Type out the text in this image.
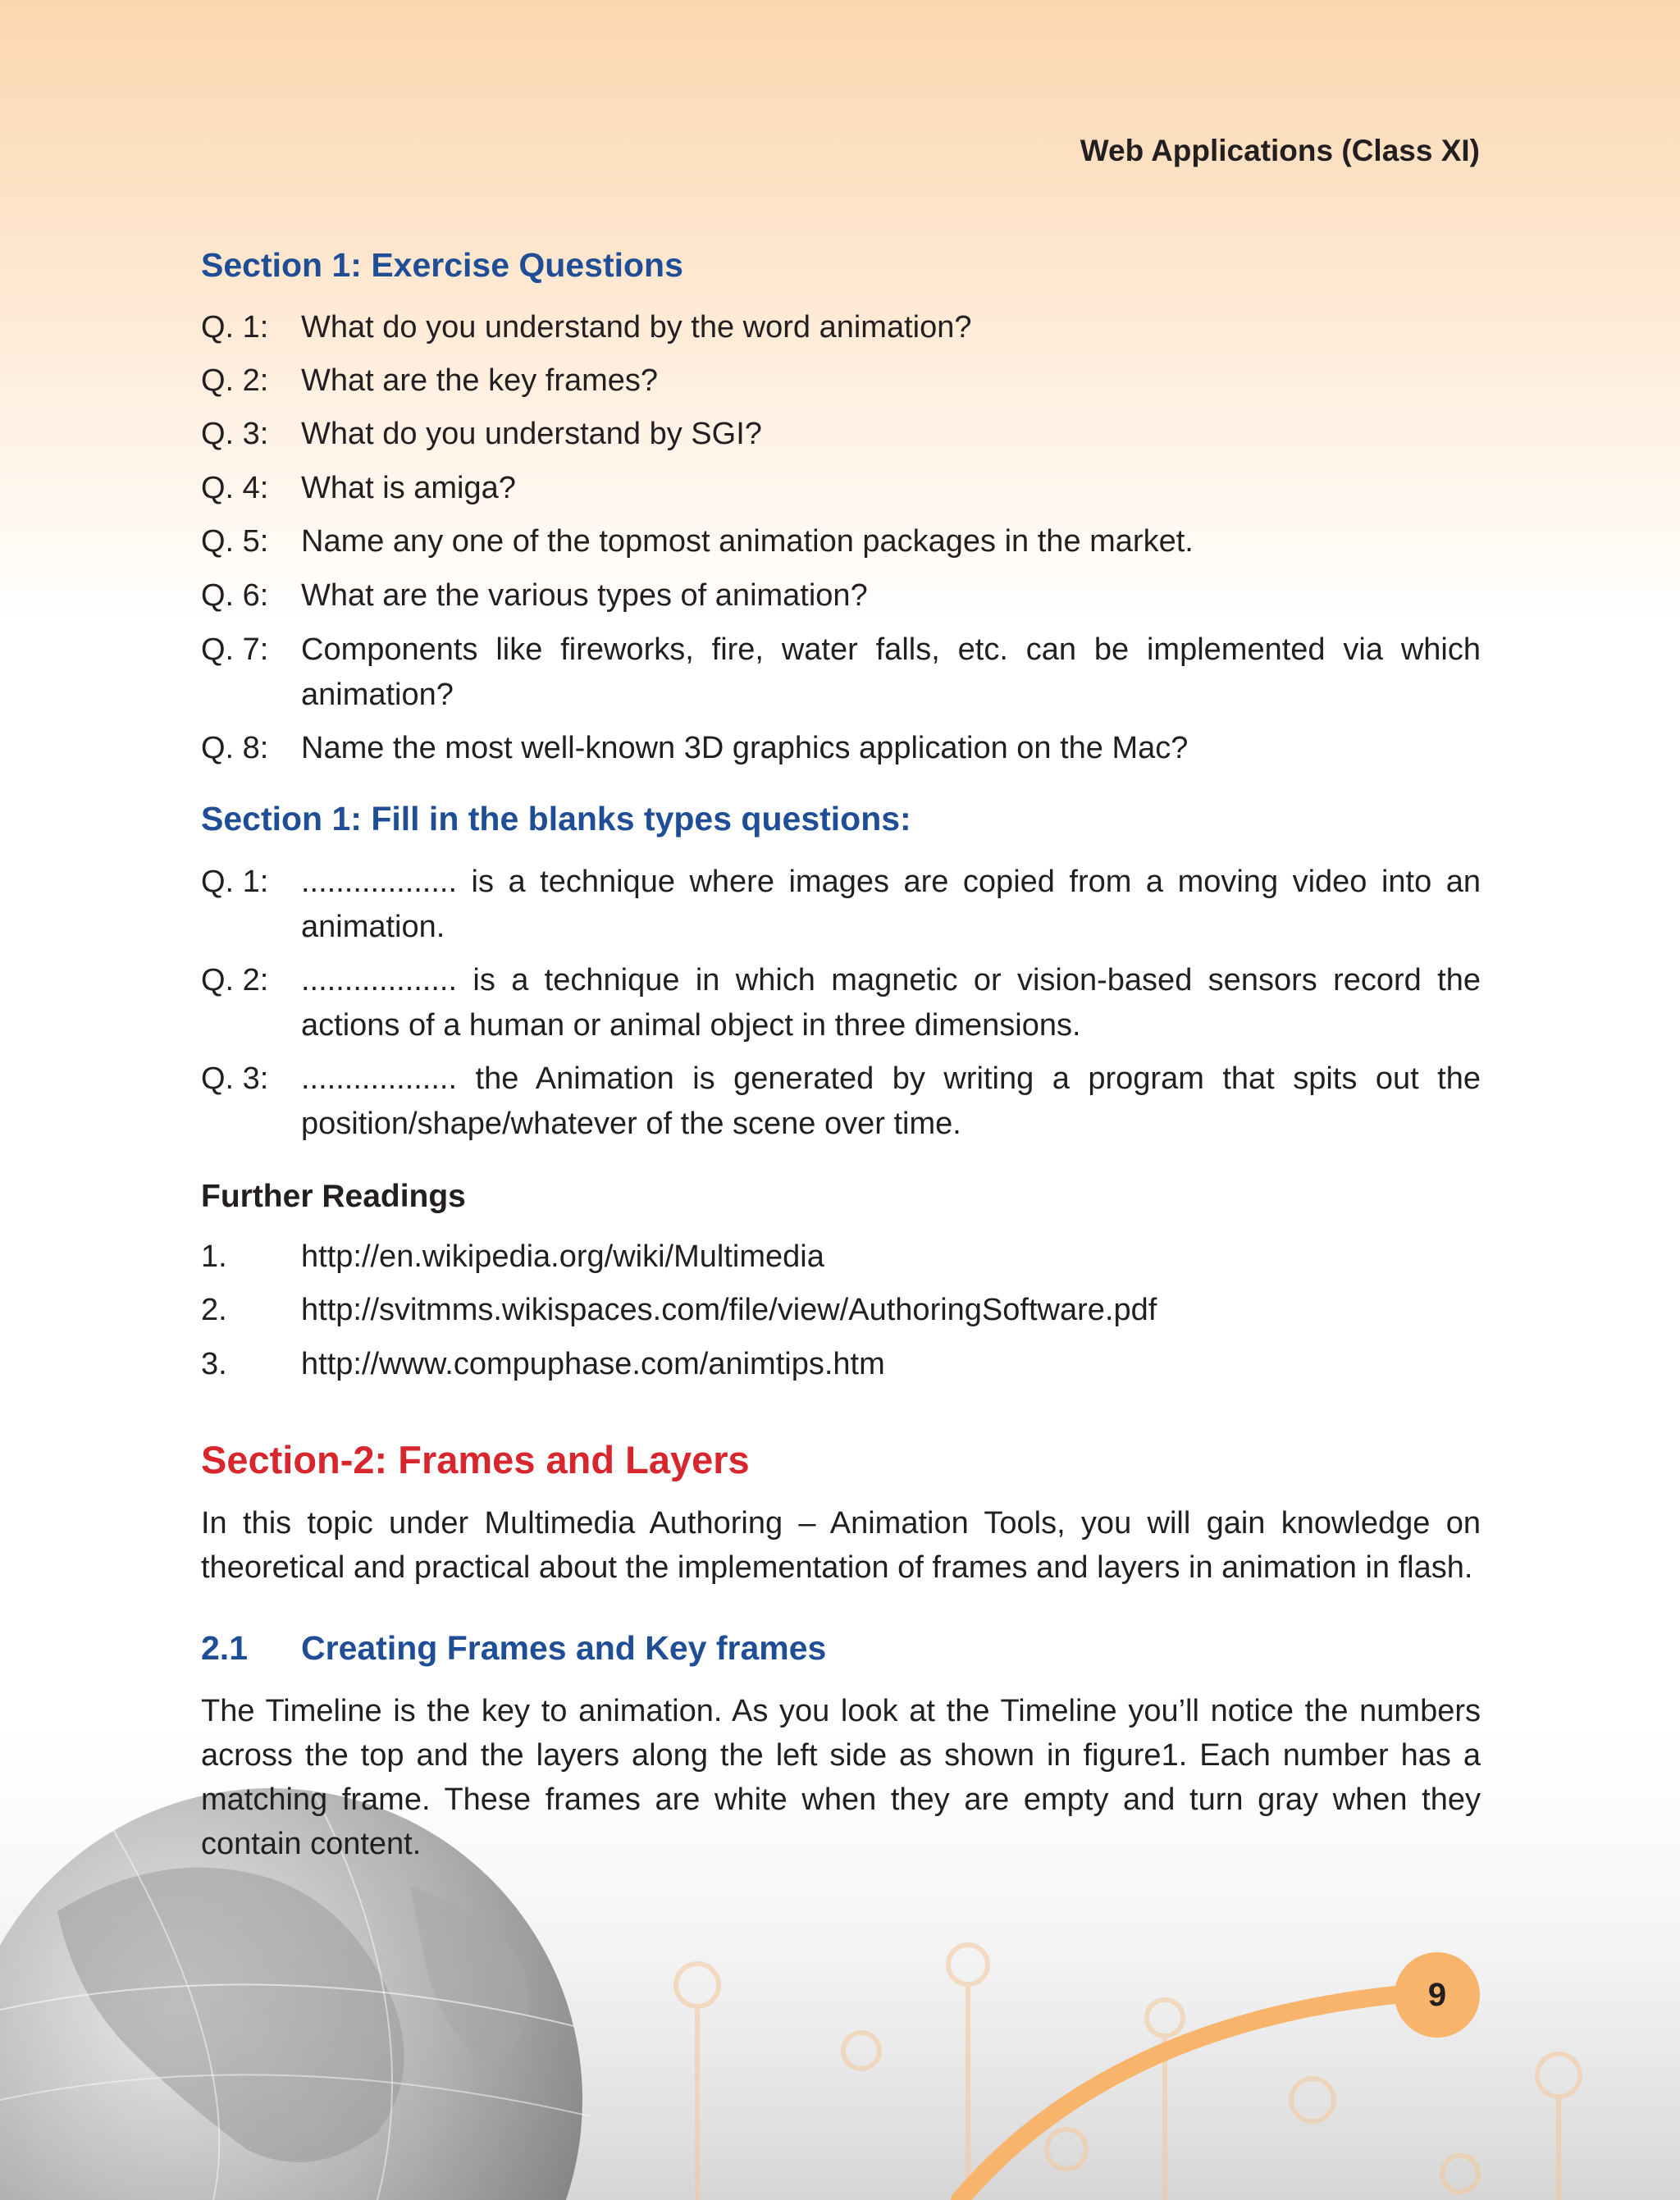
Web Applications (Class XI)
Section 1: Exercise Questions
Q. 1:	What do you understand by the word animation?
Q. 2:	What are the key frames?
Q. 3:	What do you understand by SGI?
Q. 4:	What is amiga?
Q. 5:	Name any one of the topmost animation packages in the market.
Q. 6:	What are the various types of animation?
Q. 7:	Components like fireworks, fire, water falls, etc. can be implemented via which animation?
Q. 8:	Name the most well-known 3D graphics application on the Mac?
Section 1: Fill in the blanks types questions:
Q. 1:	.................. is a technique where images are copied from a moving video into an animation.
Q. 2:	.................. is a technique in which magnetic or vision-based sensors record the actions of a human or animal object in three dimensions.
Q. 3:	.................. the Animation is generated by writing a program that spits out the position/shape/whatever of the scene over time.
Further Readings
1.	http://en.wikipedia.org/wiki/Multimedia
2.	http://svitmms.wikispaces.com/file/view/AuthoringSoftware.pdf
3.	http://www.compuphase.com/animtips.htm
Section-2: Frames and Layers
In this topic under Multimedia Authoring – Animation Tools, you will gain knowledge on theoretical and practical about the implementation of frames and layers in animation in flash.
2.1 Creating Frames and Key frames
The Timeline is the key to animation. As you look at the Timeline you’ll notice the numbers across the top and the layers along the left side as shown in figure1. Each number has a matching frame. These frames are white when they are empty and turn gray when they contain content.
9
